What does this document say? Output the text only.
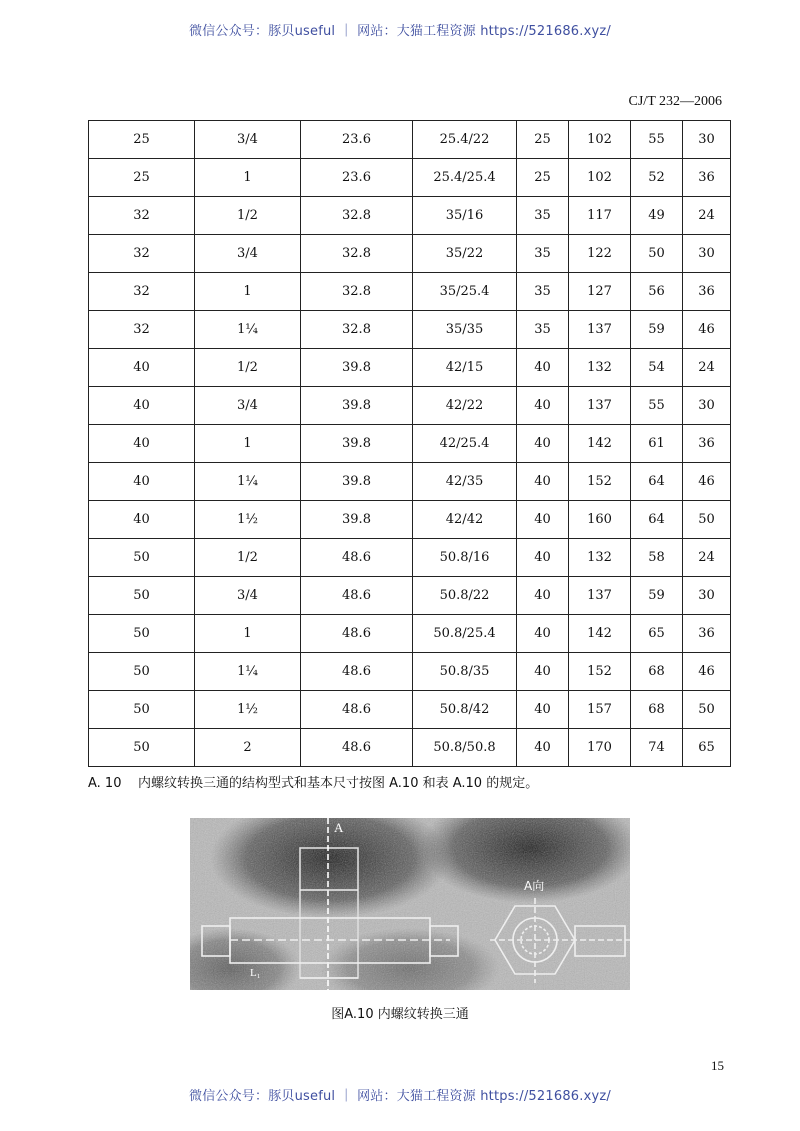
微信公众号：豚贝useful ｜ 网站：大猫工程资源 https://521686.xyz/
CJ/T 232—2006
25	3/4	23.6	25.4/22	25	102	55	30
25	1	23.6	25.4/25.4	25	102	52	36
32	1/2	32.8	35/16	35	117	49	24
32	3/4	32.8	35/22	35	122	50	30
32	1	32.8	35/25.4	35	127	56	36
32	1¼	32.8	35/35	35	137	59	46
40	1/2	39.8	42/15	40	132	54	24
40	3/4	39.8	42/22	40	137	55	30
40	1	39.8	42/25.4	40	142	61	36
40	1¼	39.8	42/35	40	152	64	46
40	1½	39.8	42/42	40	160	64	50
50	1/2	48.6	50.8/16	40	132	58	24
50	3/4	48.6	50.8/22	40	137	59	30
50	1	48.6	50.8/25.4	40	142	65	36
50	1¼	48.6	50.8/35	40	152	68	46
50	1½	48.6	50.8/42	40	157	68	50
50	2	48.6	50.8/50.8	40	170	74	65
A. 10 内螺纹转换三通的结构型式和基本尺寸按图 A.10 和表 A.10 的规定。
A
A向
L₁
图A.10 内螺纹转换三通
15
微信公众号：豚贝useful ｜ 网站：大猫工程资源 https://521686.xyz/
